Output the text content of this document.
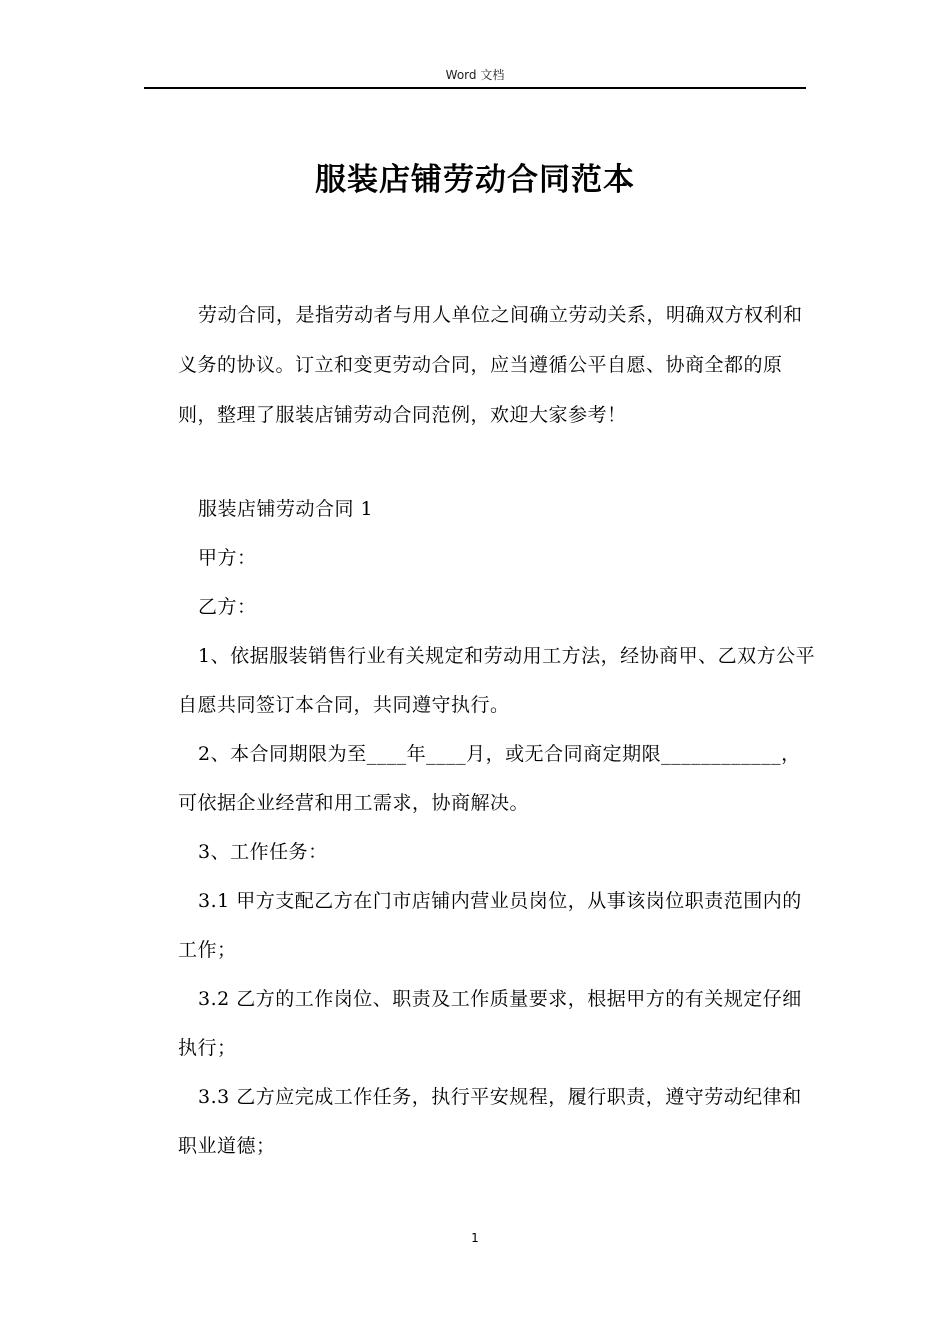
Word 文档
服装店铺劳动合同范本
劳动合同，是指劳动者与用人单位之间确立劳动关系，明确双方权利和义务的协议。订立和变更劳动合同，应当遵循公平自愿、协商全都的原则，整理了服装店铺劳动合同范例，欢迎大家参考！

服装店铺劳动合同 1

甲方：

乙方：

1、依据服装销售行业有关规定和劳动用工方法，经协商甲、乙双方公平自愿共同签订本合同，共同遵守执行。

2、本合同期限为至____年____月，或无合同商定期限____________，可依据企业经营和用工需求，协商解决。

3、工作任务：

3.1 甲方支配乙方在门市店铺内营业员岗位，从事该岗位职责范围内的工作；

3.2 乙方的工作岗位、职责及工作质量要求，根据甲方的有关规定仔细执行；

3.3 乙方应完成工作任务，执行平安规程，履行职责，遵守劳动纪律和职业道德；

1
